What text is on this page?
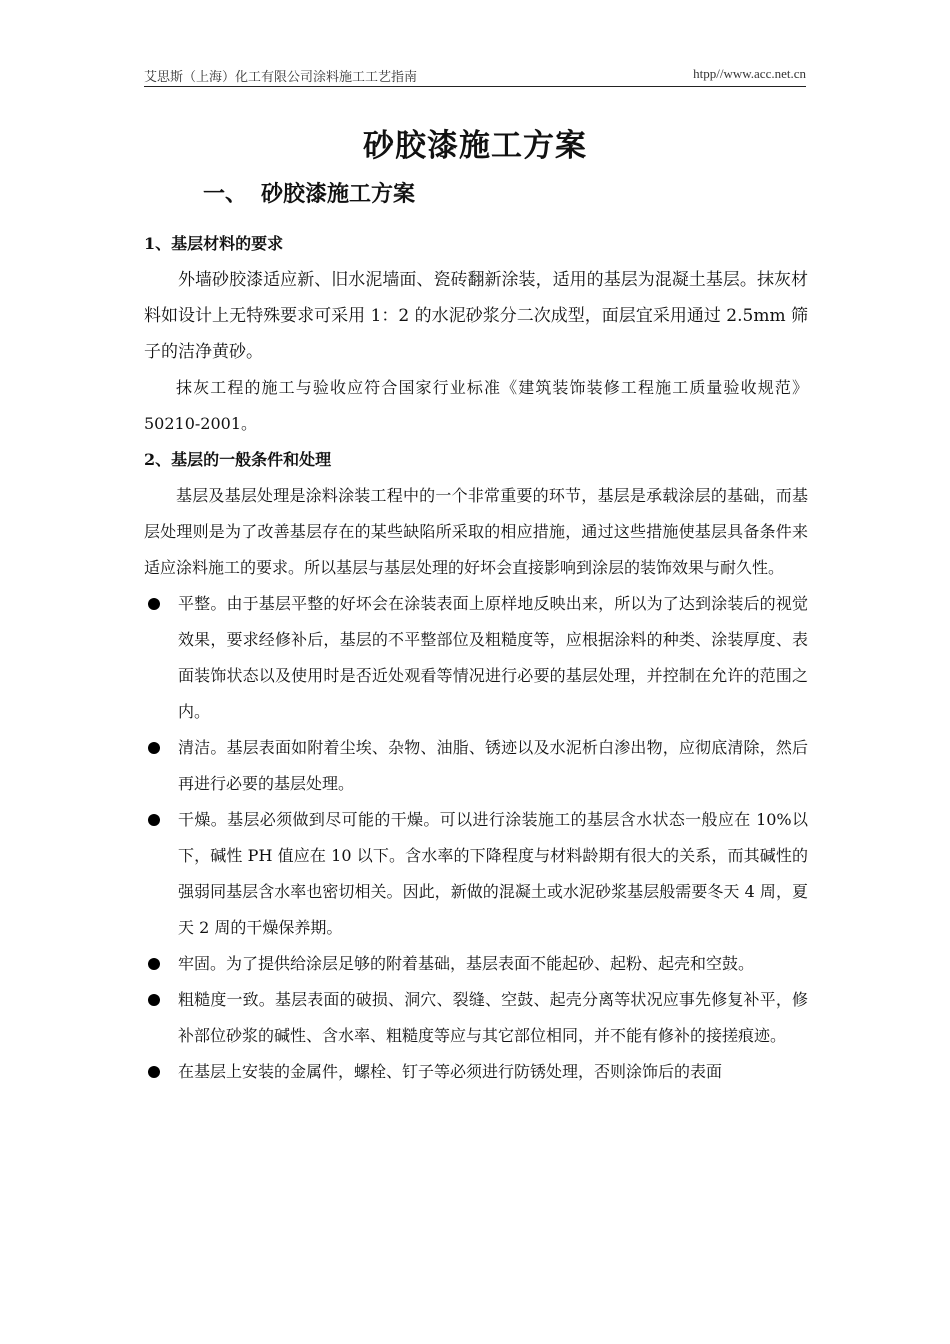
艾思斯（上海）化工有限公司涂料施工工艺指南	htpp//www.acc.net.cn
砂胶漆施工方案
一、 砂胶漆施工方案

1、基层材料的要求

外墙砂胶漆适应新、旧水泥墙面、瓷砖翻新涂装，适用的基层为混凝土基层。抹灰材料如设计上无特殊要求可采用 1：2 的水泥砂浆分二次成型，面层宜采用通过 2.5mm 筛子的洁净黄砂。

抹灰工程的施工与验收应符合国家行业标准《建筑装饰装修工程施工质量验收规范》50210-2001。

2、基层的一般条件和处理

基层及基层处理是涂料涂装工程中的一个非常重要的环节，基层是承载涂层的基础，而基层处理则是为了改善基层存在的某些缺陷所采取的相应措施，通过这些措施使基层具备条件来适应涂料施工的要求。所以基层与基层处理的好坏会直接影响到涂层的装饰效果与耐久性。

平整。由于基层平整的好坏会在涂装表面上原样地反映出来，所以为了达到涂装后的视觉效果，要求经修补后，基层的不平整部位及粗糙度等，应根据涂料的种类、涂装厚度、表面装饰状态以及使用时是否近处观看等情况进行必要的基层处理，并控制在允许的范围之内。
清洁。基层表面如附着尘埃、杂物、油脂、锈迹以及水泥析白渗出物，应彻底清除，然后再进行必要的基层处理。
干燥。基层必须做到尽可能的干燥。可以进行涂装施工的基层含水状态一般应在 10%以下，碱性 PH 值应在 10 以下。含水率的下降程度与材料龄期有很大的关系，而其碱性的强弱同基层含水率也密切相关。因此，新做的混凝土或水泥砂浆基层般需要冬天 4 周，夏天 2 周的干燥保养期。
牢固。为了提供给涂层足够的附着基础，基层表面不能起砂、起粉、起壳和空鼓。
粗糙度一致。基层表面的破损、洞穴、裂缝、空鼓、起壳分离等状况应事先修复补平，修补部位砂浆的碱性、含水率、粗糙度等应与其它部位相同，并不能有修补的接搓痕迹。
在基层上安装的金属件，螺栓、钉子等必须进行防锈处理，否则涂饰后的表面
